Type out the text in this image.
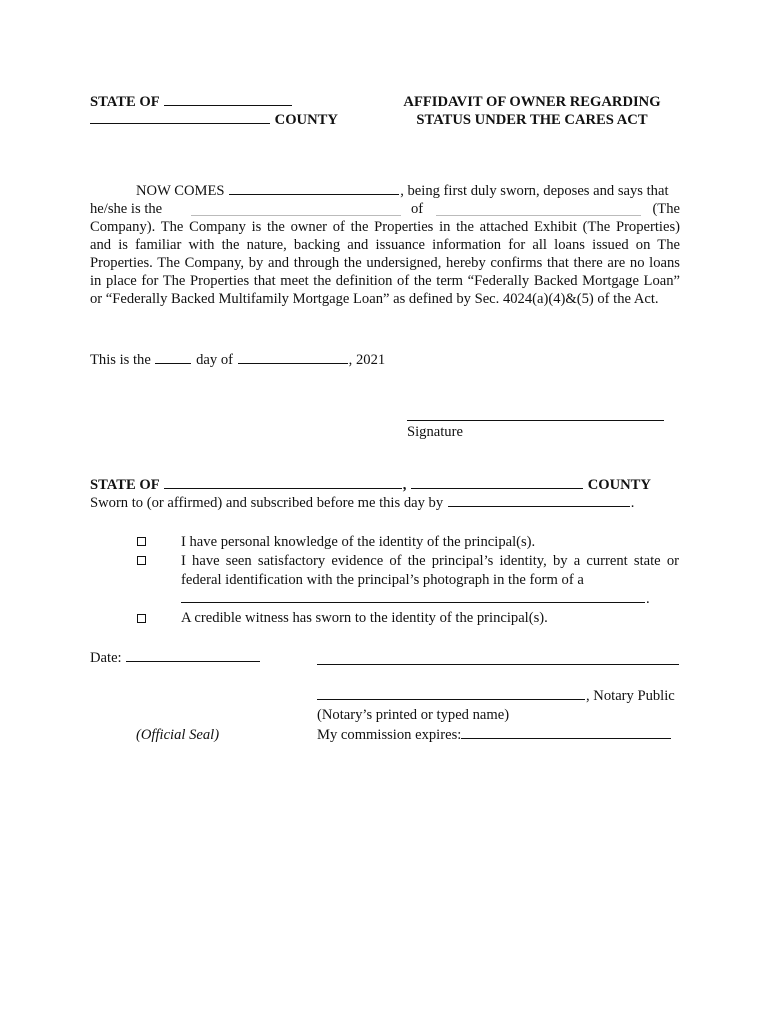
STATE OF
COUNTY
AFFIDAVIT OF OWNER REGARDING
STATUS UNDER THE CARES ACT
NOW COMES	, being first duly sworn, deposes and says that
he/she is the	of	(The
Company). The Company is the owner of the Properties in the attached Exhibit (The Properties)
and is familiar with the nature, backing and issuance information for all loans issued on The
Properties. The Company, by and through the undersigned, hereby confirms that there are no loans
in place for The Properties that meet the definition of the term “Federally Backed Mortgage Loan”
or “Federally Backed Multifamily Mortgage Loan” as defined by Sec. 4024(a)(4)&(5) of the Act.
This is the	day of	, 2021
Signature
STATE OF	,	COUNTY
Sworn to (or affirmed) and subscribed before me this day by	.
I have personal knowledge of the identity of the principal(s).
I have seen satisfactory evidence of the principal’s identity, by a current state or
federal identification with the principal’s photograph in the form of a
.
A credible witness has sworn to the identity of the principal(s).
Date:
, Notary Public
(Notary’s printed or typed name)
(Official Seal)	My commission expires:
